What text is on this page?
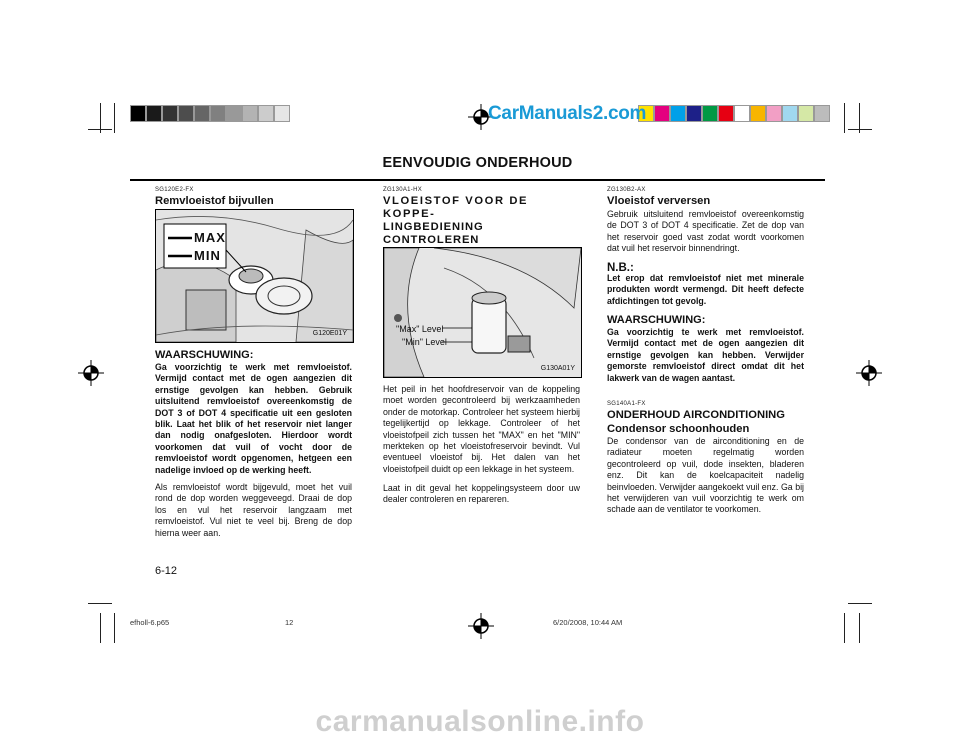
CarManuals2.com
EENVOUDIG ONDERHOUD
SG120E2-FX
Remvloeistof bijvullen
MAX
MIN
G120E01Y
WAARSCHUWING:
Ga voorzichtig te werk met remvloeistof. Vermijd contact met de ogen aangezien dit ernstige gevolgen kan hebben. Gebruik uitsluitend remvloeistof overeenkomstig de DOT 3 of DOT 4 specificatie uit een gesloten blik. Laat het blik of het reservoir niet langer dan nodig onafgesloten. Hierdoor wordt voorkomen dat vuil of vocht door de remvloeistof wordt opgenomen, hetgeen een nadelige invloed op de werking heeft.
Als remvloeistof wordt bijgevuld, moet het vuil rond de dop worden weggeveegd. Draai de dop los en vul het reservoir langzaam met remvloeistof. Vul niet te veel bij. Breng de dop hierna weer aan.
6-12
ZG130A1-HX
VLOEISTOF VOOR DE KOPPE-
LINGBEDIENING CONTROLEREN
"Max" Level
"Min" Level
G130A01Y
Het peil in het hoofdreservoir van de koppeling moet worden gecontroleerd bij werkzaamheden onder de motorkap. Controleer het systeem hierbij tegelijkertijd op lekkage. Controleer of het vloeistofpeil zich tussen het "MAX" en het "MIN" merkteken op het vloeistofreservoir bevindt. Vul eventueel vloeistof bij. Het dalen van het vloeistofpeil duidt op een lekkage in het systeem.
Laat in dit geval het koppelingsysteem door uw dealer controleren en repareren.
ZG130B2-AX
Vloeistof verversen
Gebruik uitsluitend remvloeistof overeenkomstig de DOT 3 of DOT 4 specificatie. Zet de dop van het reservoir goed vast zodat wordt voorkomen dat vuil het reservoir binnendringt.
N.B.:
Let erop dat remvloeistof niet met minerale produkten wordt vermengd. Dit heeft defecte afdichtingen tot gevolg.
WAARSCHUWING:
Ga voorzichtig te werk met remvloeistof. Vermijd contact met de ogen aangezien dit ernstige gevolgen kan hebben. Verwijder gemorste remvloeistof direct omdat dit het lakwerk van de wagen aantast.
SG140A1-FX
ONDERHOUD AIRCONDITIONING
Condensor schoonhouden
De condensor van de airconditioning en de radiateur moeten regelmatig worden gecontroleerd op vuil, dode insekten, bladeren enz. Dit kan de koelcapaciteit nadelig beinvloeden. Verwijder aangekoekt vuil enz. Ga bij het verwijderen van vuil voorzichtig te werk om schade aan de ventilator te voorkomen.
efholl-6.p65	12	6/20/2008, 10:44 AM
carmanualsonline.info
